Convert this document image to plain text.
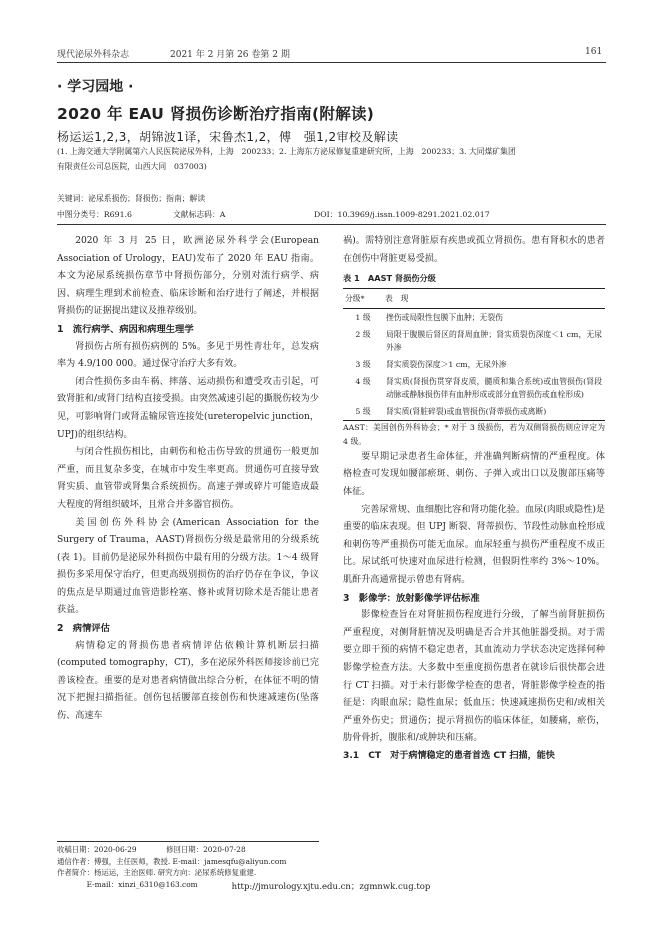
现代泌尿外科杂志	2021 年 2 月第 26 卷第 2 期	161
· 学习园地 ·
2020 年 EAU 肾损伤诊断治疗指南(附解读)
杨运运1,2,3，胡锦波1译，宋鲁杰1,2，傅　强1,2审校及解读
(1. 上海交通大学附属第六人民医院泌尿外科，上海　200233；2. 上海东方泌尿修复重建研究所，上海　200233；3. 大同煤矿集团
有限责任公司总医院，山西大同　037003)
关键词：泌尿系损伤；肾损伤；指南；解读
中图分类号：R691.6	文献标志码：A	DOI：10.3969/j.issn.1009-8291.2021.02.017

2020 年 3 月 25 日，欧洲泌尿外科学会(European Association of Urology，EAU)发布了 2020 年 EAU 指南。本文为泌尿系统损伤章节中肾损伤部分，分别对流行病学、病因、病理生理到术前检查、临床诊断和治疗进行了阐述，并根据肾损伤的证据提出建议及推荐级别。

1　流行病学、病因和病理生理学

肾损伤占所有损伤病例的 5%。多见于男性青壮年，总发病率为 4.9/100 000。通过保守治疗大多有效。

闭合性损伤多由车祸、摔落、运动损伤和遭受攻击引起，可致肾脏和/或肾门结构直接受损。由突然减速引起的撕脱伤较为少见，可影响肾门或肾盂输尿管连接处(ureteropelvic junction，UPJ)的组织结构。

与闭合性损伤相比，由刺伤和枪击伤导致的贯通伤一般更加严重，而且复杂多变，在城市中发生率更高。贯通伤可直接导致肾实质、血管带或肾集合系统损伤。高速子弹或碎片可能造成最大程度的肾组织破坏，且常合并多器官损伤。

美国创伤外科协会(American Association for the Surgery of Trauma，AAST)肾损伤分级是最常用的分级系统(表 1)。目前仍是泌尿外科损伤中最有用的分级方法。1～4 级肾损伤多采用保守治疗，但更高级别损伤的治疗仍存在争议，争议的焦点是早期通过血管造影栓塞、修补或肾切除术是否能让患者获益。

2　病情评估

病情稳定的肾损伤患者病情评估依赖计算机断层扫描(computed tomography，CT)，多在泌尿外科医师接诊前已完善该检查。重要的是对患者病情做出综合分析，在体征不明的情况下把握扫描指征。创伤包括腰部直接创伤和快速减速伤(坠落伤、高速车

祸)。需特别注意肾脏原有疾患或孤立肾损伤。患有肾积水的患者在创伤中肾脏更易受损。

表 1　AAST 肾损伤分级
分级*	表　现
1 级	挫伤或局限性包膜下血肿；无裂伤
2 级	局限于腹膜后肾区的肾周血肿；肾实质裂伤深度＜1 cm，无尿外渗
3 级	肾实质裂伤深度＞1 cm，无尿外渗
4 级	肾实质(肾损伤贯穿肾皮质，髓质和集合系统)或血管损伤(肾段动脉或静脉损伤伴有血肿形成或部分血管损伤或血栓形成)
5 级	肾实质(肾脏碎裂)或血管损伤(肾蒂损伤或离断)
AAST：美国创伤外科协会；* 对于 3 级损伤，若为双侧肾损伤则应评定为 4 级。

要早期记录患者生命体征，并准确判断病情的严重程度。体格检查可发现如腰部瘀斑、刺伤、子弹入或出口以及腹部压痛等体征。

完善尿常规、血细胞比容和肾功能化验。血尿(肉眼或隐性)是重要的临床表现。但 UPJ 断裂、肾蒂损伤、节段性动脉血栓形成和刺伤等严重损伤可能无血尿。血尿轻重与损伤严重程度不成正比。尿试纸可快速对血尿进行检测，但假阴性率约 3%～10%。肌酐升高通常提示曾患有肾病。

3　影像学：放射影像学评估标准

影像检查旨在对肾脏损伤程度进行分级，了解当前肾脏损伤严重程度，对侧肾脏情况及明确是否合并其他脏器受损。对于需要立即干预的病情不稳定患者，其血流动力学状态决定选择何种影像学检查方法。大多数中至重度损伤患者在就诊后很快都会进行 CT 扫描。对于未行影像学检查的患者，肾脏影像学检查的指征是：肉眼血尿；隐性血尿；低血压；快速减速损伤史和/或相关严重外伤史；贯通伤；提示肾损伤的临床体征，如腰痛，瘀伤，肋骨骨折，腹胀和/或肿块和压痛。

3.1　CT　对于病情稳定的患者首选 CT 扫描，能快

收稿日期：2020-06-29　　　　修回日期：2020-07-28
通信作者：傅强，主任医师，教授. E-mail：jamesqfu@aliyun.com
作者简介：杨运运，主治医师. 研究方向：泌尿系统修复重建.
E-mail：xinzi_6310@163.com	http://jmurology.xjtu.edu.cn；zgmnwk.cug.top
